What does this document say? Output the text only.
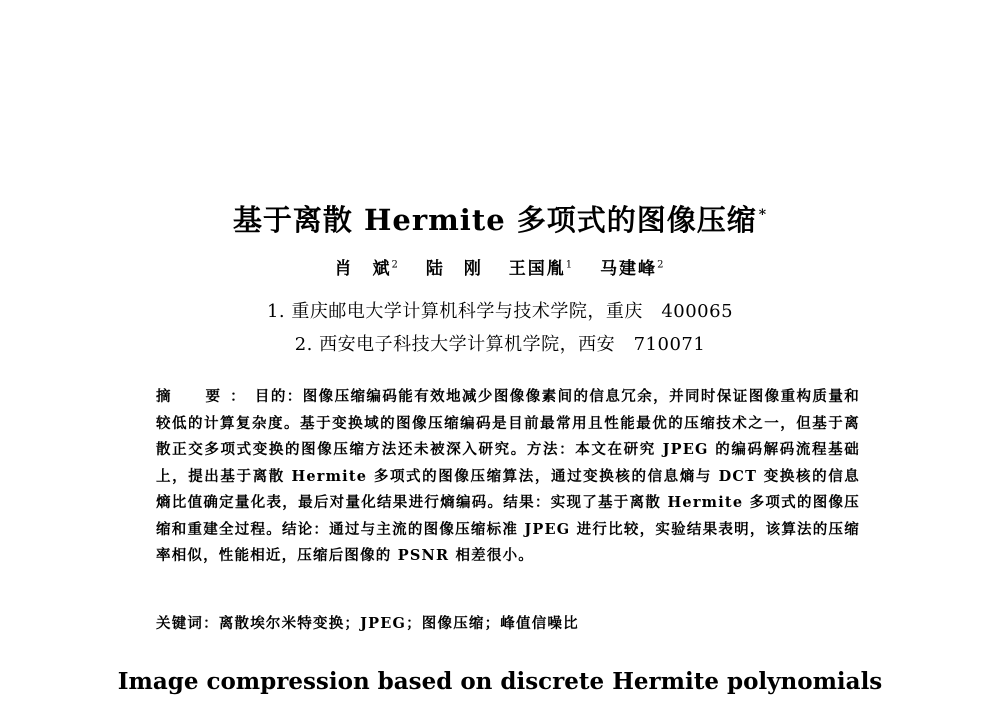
基于离散 Hermite 多项式的图像压缩 *
肖　斌$^2$ 陆　刚 王国胤$^1$ 马建峰$^2$
1. 重庆邮电大学计算机科学与技术学院，重庆　400065
2. 西安电子科技大学计算机学院，西安　710071
摘　要：目的：图像压缩编码能有效地减少图像像素间的信息冗余，并同时保证图像重构质量和较低的计算复杂度。基于变换域的图像压缩编码是目前最常用且性能最优的压缩技术之一，但基于离散正交多项式变换的图像压缩方法还未被深入研究。方法：本文在研究 JPEG 的编码解码流程基础上，提出基于离散 Hermite 多项式的图像压缩算法，通过变换核的信息熵与 DCT 变换核的信息熵比值确定量化表，最后对量化结果进行熵编码。结果：实现了基于离散 Hermite 多项式的图像压缩和重建全过程。结论：通过与主流的图像压缩标准 JPEG 进行比较，实验结果表明，该算法的压缩率相似，性能相近，压缩后图像的 PSNR 相差很小。
关键词：离散埃尔米特变换；JPEG；图像压缩；峰值信噪比
Image compression based on discrete Hermite polynomials
